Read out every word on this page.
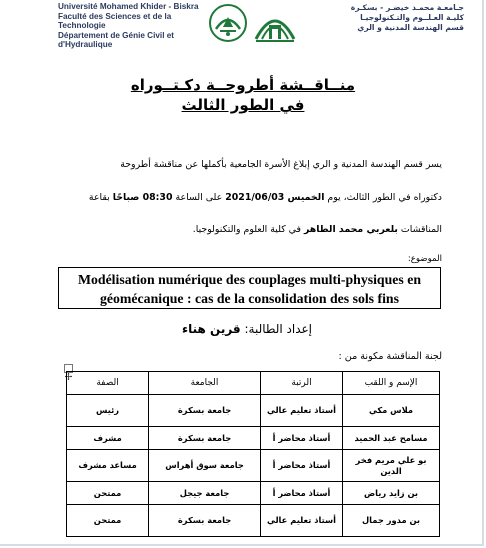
Université Mohamed Khider - Biskra
Faculté des Sciences et de la Technologie
Département de Génie Civil et
d'Hydraulique
جـامعـة محمـد خيضـر - بسكـرة
كليـة العـلــوم والتـكنولوجيـا
قسم الهندسة المدنية و الري
منــاقــشة أطروحــة دكـتــوراه
في الطور الثالث
يسر قسم الهندسة المدنية و الري إبلاغ الأسرة الجامعية بأكملها عن مناقشة أطروحة
دكتوراه في الطور الثالث، يوم الخميس 2021/06/03 على الساعة 08:30 صباحًا بقاعة
المناقشات بلعربي محمد الطاهر في كلية العلوم والتكنولوجيا.
الموضوع:
Modélisation numérique des couplages multi-physiques en géomécanique : cas de la consolidation des sols fins
إعداد الطالبة: قرين هناء
لجنة المناقشة مكونة من :
الإسم و اللقب	الرتبة	الجامعة	الصفة
ملاس مكي	أستاذ تعليم عالي	جامعة بسكرة	رئيس
مسامح عبد الحميد	أستاذ محاضر أ	جامعة بسكرة	مشرف
بو علي مريم فخر الدين	أستاذ محاضر أ	جامعة سوق أهراس	مساعد مشرف
بن زايد رياض	أستاذ محاضر أ	جامعة جيجل	ممتحن
بن مدور جمال	أستاذ تعليم عالي	جامعة بسكرة	ممتحن
